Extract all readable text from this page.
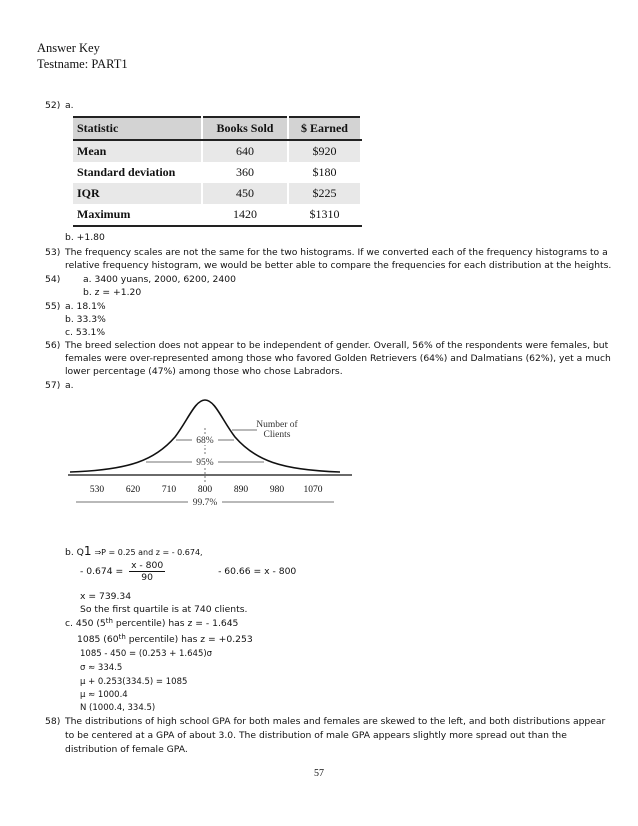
Answer Key
Testname: PART1
52) a.
Statistic	Books Sold	$ Earned
Mean	640	$920
Standard deviation	360	$180
IQR	450	$225
Maximum	1420	$1310
b. +1.80
53) The frequency scales are not the same for the two histograms. If we converted each of the frequency histograms to a
relative frequency histogram, we would be better able to compare the frequencies for each distribution at the heights.
54) a. 3400 yuans, 2000, 6200, 2400
b. z = +1.20
55) a. 18.1%
b. 33.3%
c. 53.1%
56) The breed selection does not appear to be independent of gender. Overall, 56% of the respondents were females, but
females were over-represented among those who favored Golden Retrievers (64%) and Dalmatians (62%), yet a much
lower percentage (47%) among those who chose Labradors.
57) a.
68%
95%
99.7%
Number of
Clients
530 620 710 800 890 980 1070
b. Q1 ⇒P = 0.25 and z = - 0.674,
- $0.674 = \frac{x - 800}{90}$	- 60.66 = x - 800
x = 739.34
So the first quartile is at 740 clients.
c. 450 (5th percentile) has z = - 1.645
1085 (60th percentile) has z = +0.253
1085 - 450 = (0.253 + 1.645)σ
σ ≈ 334.5
μ + 0.253(334.5) = 1085
μ ≈ 1000.4
N (1000.4, 334.5)
58) The distributions of high school GPA for both males and females are skewed to the left, and both distributions appear
to be centered at a GPA of about 3.0. The distribution of male GPA appears slightly more spread out than the
distribution of female GPA.
57
